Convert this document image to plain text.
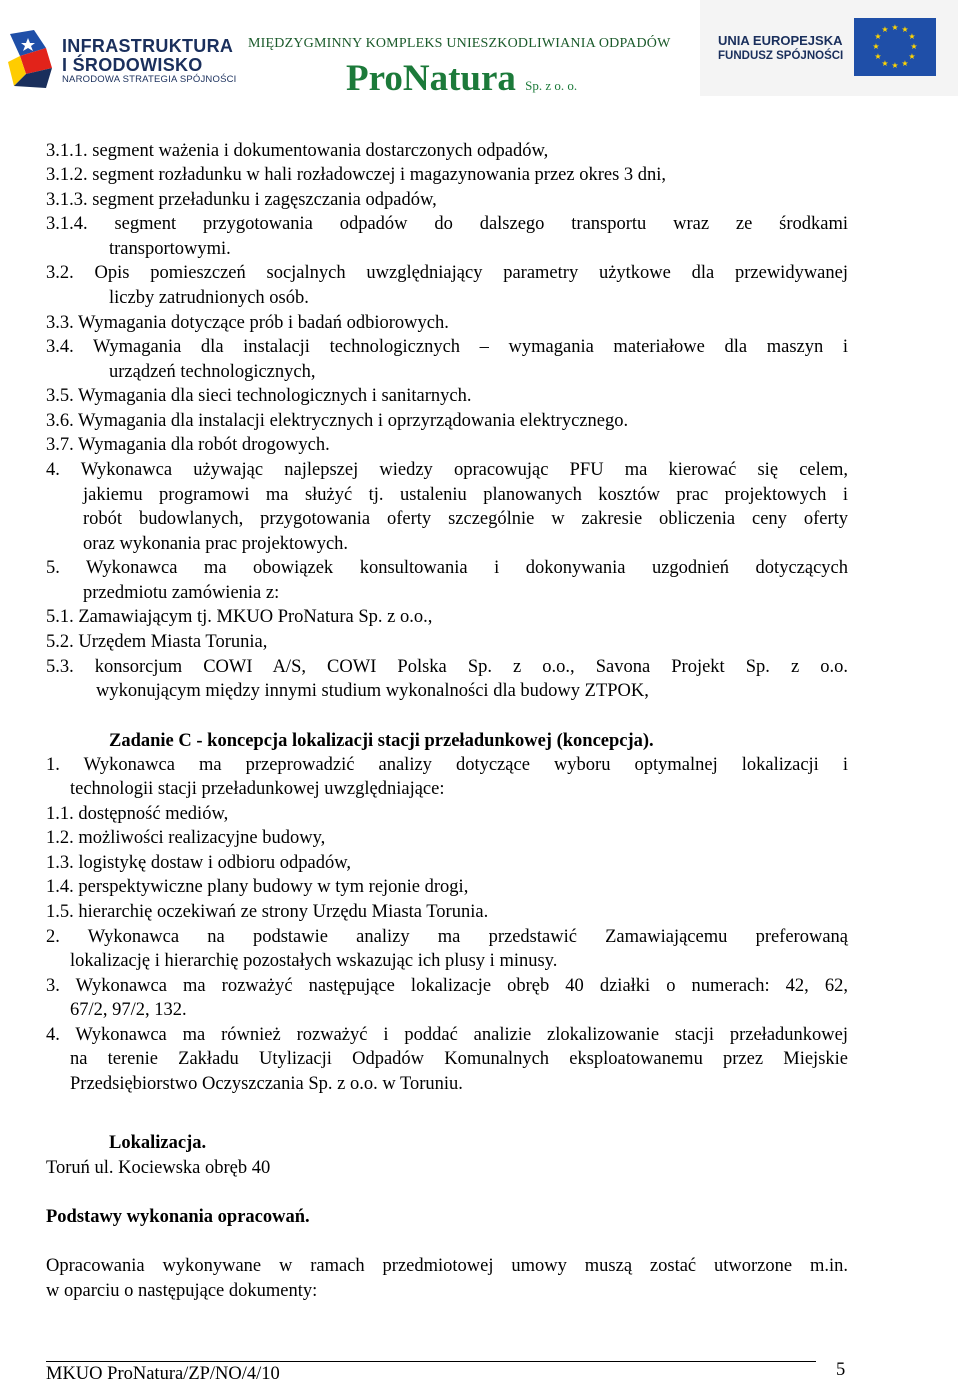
INFRASTRUKTURA
I ŚRODOWISKO
NARODOWA STRATEGIA SPÓJNOŚCI
MIĘDZYGMINNY KOMPLEKS UNIESZKODLIWIANIA ODPADÓW
ProNatura Sp. z o. o.
UNIA EUROPEJSKA
FUNDUSZ SPÓJNOŚCI
★ ★
★
★
★
★
★
★
★
★
★
★
3.1.1. segment ważenia i dokumentowania dostarczonych odpadów,
3.1.2. segment rozładunku w hali rozładowczej i magazynowania przez okres 3 dni,
3.1.3. segment przeładunku i zagęszczania odpadów,
3.1.4. segment przygotowania odpadów do dalszego transportu wraz ze środkami
transportowymi.
3.2. Opis pomieszczeń socjalnych uwzględniający parametry użytkowe dla przewidywanej
liczby zatrudnionych osób.
3.3. Wymagania dotyczące prób i badań odbiorowych.
3.4. Wymagania dla instalacji technologicznych – wymagania materiałowe dla maszyn i
urządzeń technologicznych,
3.5. Wymagania dla sieci technologicznych i sanitarnych.
3.6. Wymagania dla instalacji elektrycznych i oprzyrządowania elektrycznego.
3.7. Wymagania dla robót drogowych.
4. Wykonawca używając najlepszej wiedzy opracowując PFU ma kierować się celem,
jakiemu programowi ma służyć tj. ustaleniu planowanych kosztów prac projektowych i
robót budowlanych, przygotowania oferty szczególnie w zakresie obliczenia ceny oferty
oraz wykonania prac projektowych.
5. Wykonawca ma obowiązek konsultowania i dokonywania uzgodnień dotyczących
przedmiotu zamówienia z:
5.1. Zamawiającym tj. MKUO ProNatura Sp. z o.o.,
5.2. Urzędem Miasta Torunia,
5.3. konsorcjum COWI A/S, COWI Polska Sp. z o.o., Savona Projekt Sp. z o.o.
wykonującym między innymi studium wykonalności dla budowy ZTPOK,
Zadanie C - koncepcja lokalizacji stacji przeładunkowej (koncepcja).
1. Wykonawca ma przeprowadzić analizy dotyczące wyboru optymalnej lokalizacji i
technologii stacji przeładunkowej uwzględniające:
1.1. dostępność mediów,
1.2. możliwości realizacyjne budowy,
1.3. logistykę dostaw i odbioru odpadów,
1.4. perspektywiczne plany budowy w tym rejonie drogi,
1.5. hierarchię oczekiwań ze strony Urzędu Miasta Torunia.
2. Wykonawca na podstawie analizy ma przedstawić Zamawiającemu preferowaną
lokalizację i hierarchię pozostałych wskazując ich plusy i minusy.
3. Wykonawca ma rozważyć następujące lokalizacje obręb 40 działki o numerach: 42, 62,
67/2, 97/2, 132.
4. Wykonawca ma również rozważyć i poddać analizie zlokalizowanie stacji przeładunkowej
na terenie Zakładu Utylizacji Odpadów Komunalnych eksploatowanemu przez Miejskie
Przedsiębiorstwo Oczyszczania Sp. z o.o. w Toruniu.
Lokalizacja.
Toruń ul. Kociewska obręb 40
Podstawy wykonania opracowań.
Opracowania wykonywane w ramach przedmiotowej umowy muszą zostać utworzone m.in.
w oparciu o następujące dokumenty:
MKUO ProNatura/ZP/NO/4/10	5
